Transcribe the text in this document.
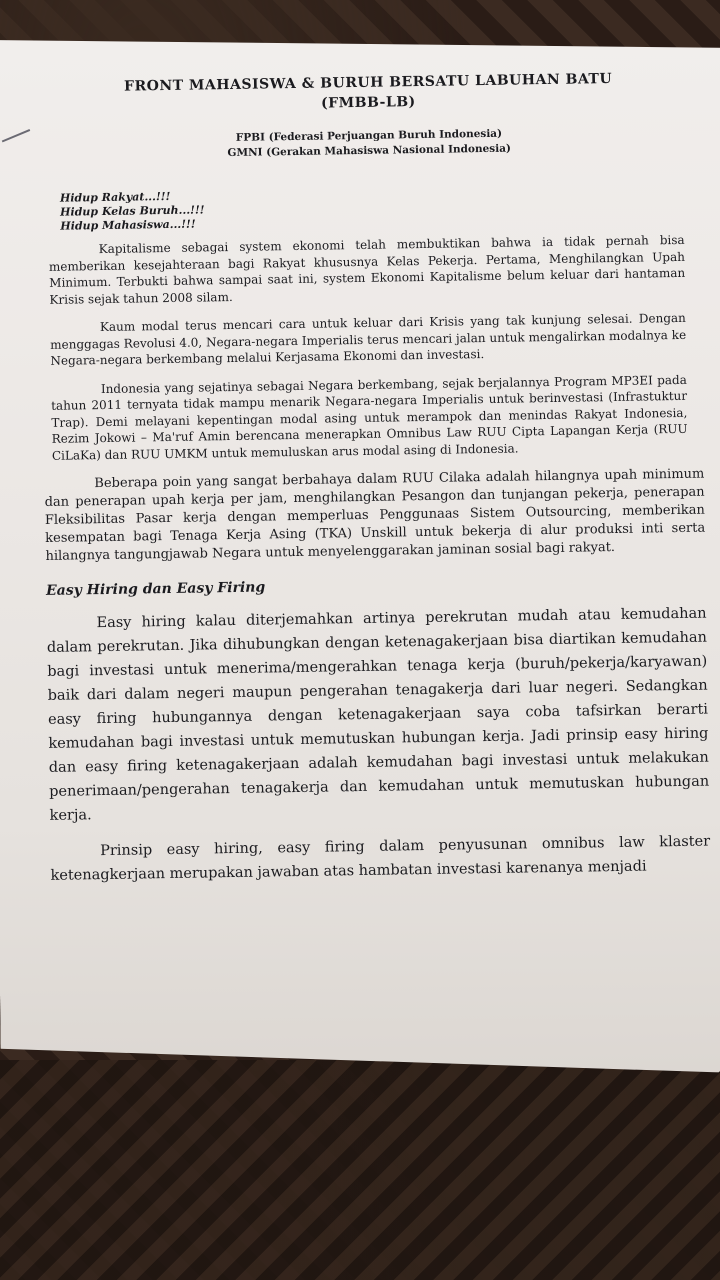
FRONT MAHASISWA & BURUH BERSATU LABUHAN BATU

(FMBB-LB)

FPBI (Federasi Perjuangan Buruh Indonesia)

GMNI (Gerakan Mahasiswa Nasional Indonesia)

Hidup Rakyat...!!!
Hidup Kelas Buruh...!!!
Hidup Mahasiswa...!!!

Kapitalisme sebagai system ekonomi telah membuktikan bahwa ia tidak pernah bisa memberikan kesejahteraan bagi Rakyat khususnya Kelas Pekerja. Pertama, Menghilangkan Upah Minimum. Terbukti bahwa sampai saat ini, system Ekonomi Kapitalisme belum keluar dari hantaman Krisis sejak tahun 2008 silam.

Kaum modal terus mencari cara untuk keluar dari Krisis yang tak kunjung selesai. Dengan menggagas Revolusi 4.0, Negara-negara Imperialis terus mencari jalan untuk mengalirkan modalnya ke Negara-negara berkembang melalui Kerjasama Ekonomi dan investasi.

Indonesia yang sejatinya sebagai Negara berkembang, sejak berjalannya Program MP3EI pada tahun 2011 ternyata tidak mampu menarik Negara-negara Imperialis untuk berinvestasi (Infrastuktur Trap). Demi melayani kepentingan modal asing untuk merampok dan menindas Rakyat Indonesia, Rezim Jokowi – Ma'ruf Amin berencana menerapkan Omnibus Law RUU Cipta Lapangan Kerja (RUU CiLaKa) dan RUU UMKM untuk memuluskan arus modal asing di Indonesia.

Beberapa poin yang sangat berbahaya dalam RUU Cilaka adalah hilangnya upah minimum dan penerapan upah kerja per jam, menghilangkan Pesangon dan tunjangan pekerja, penerapan Fleksibilitas Pasar kerja dengan memperluas Penggunaas Sistem Outsourcing, memberikan kesempatan bagi Tenaga Kerja Asing (TKA) Unskill untuk bekerja di alur produksi inti serta hilangnya tangungjawab Negara untuk menyelenggarakan jaminan sosial bagi rakyat.

Easy Hiring dan Easy Firing

Easy hiring kalau diterjemahkan artinya perekrutan mudah atau kemudahan dalam perekrutan. Jika dihubungkan dengan ketenagakerjaan bisa diartikan kemudahan bagi investasi untuk menerima/mengerahkan tenaga kerja (buruh/pekerja/karyawan) baik dari dalam negeri maupun pengerahan tenagakerja dari luar negeri. Sedangkan easy firing hubungannya dengan ketenagakerjaan saya coba tafsirkan berarti kemudahan bagi investasi untuk memutuskan hubungan kerja. Jadi prinsip easy hiring dan easy firing ketenagakerjaan adalah kemudahan bagi investasi untuk melakukan penerimaan/pengerahan tenagakerja dan kemudahan untuk memutuskan hubungan kerja.

Prinsip easy hiring, easy firing dalam penyusunan omnibus law klaster ketenagkerjaan merupakan jawaban atas hambatan investasi karenanya menjadi
